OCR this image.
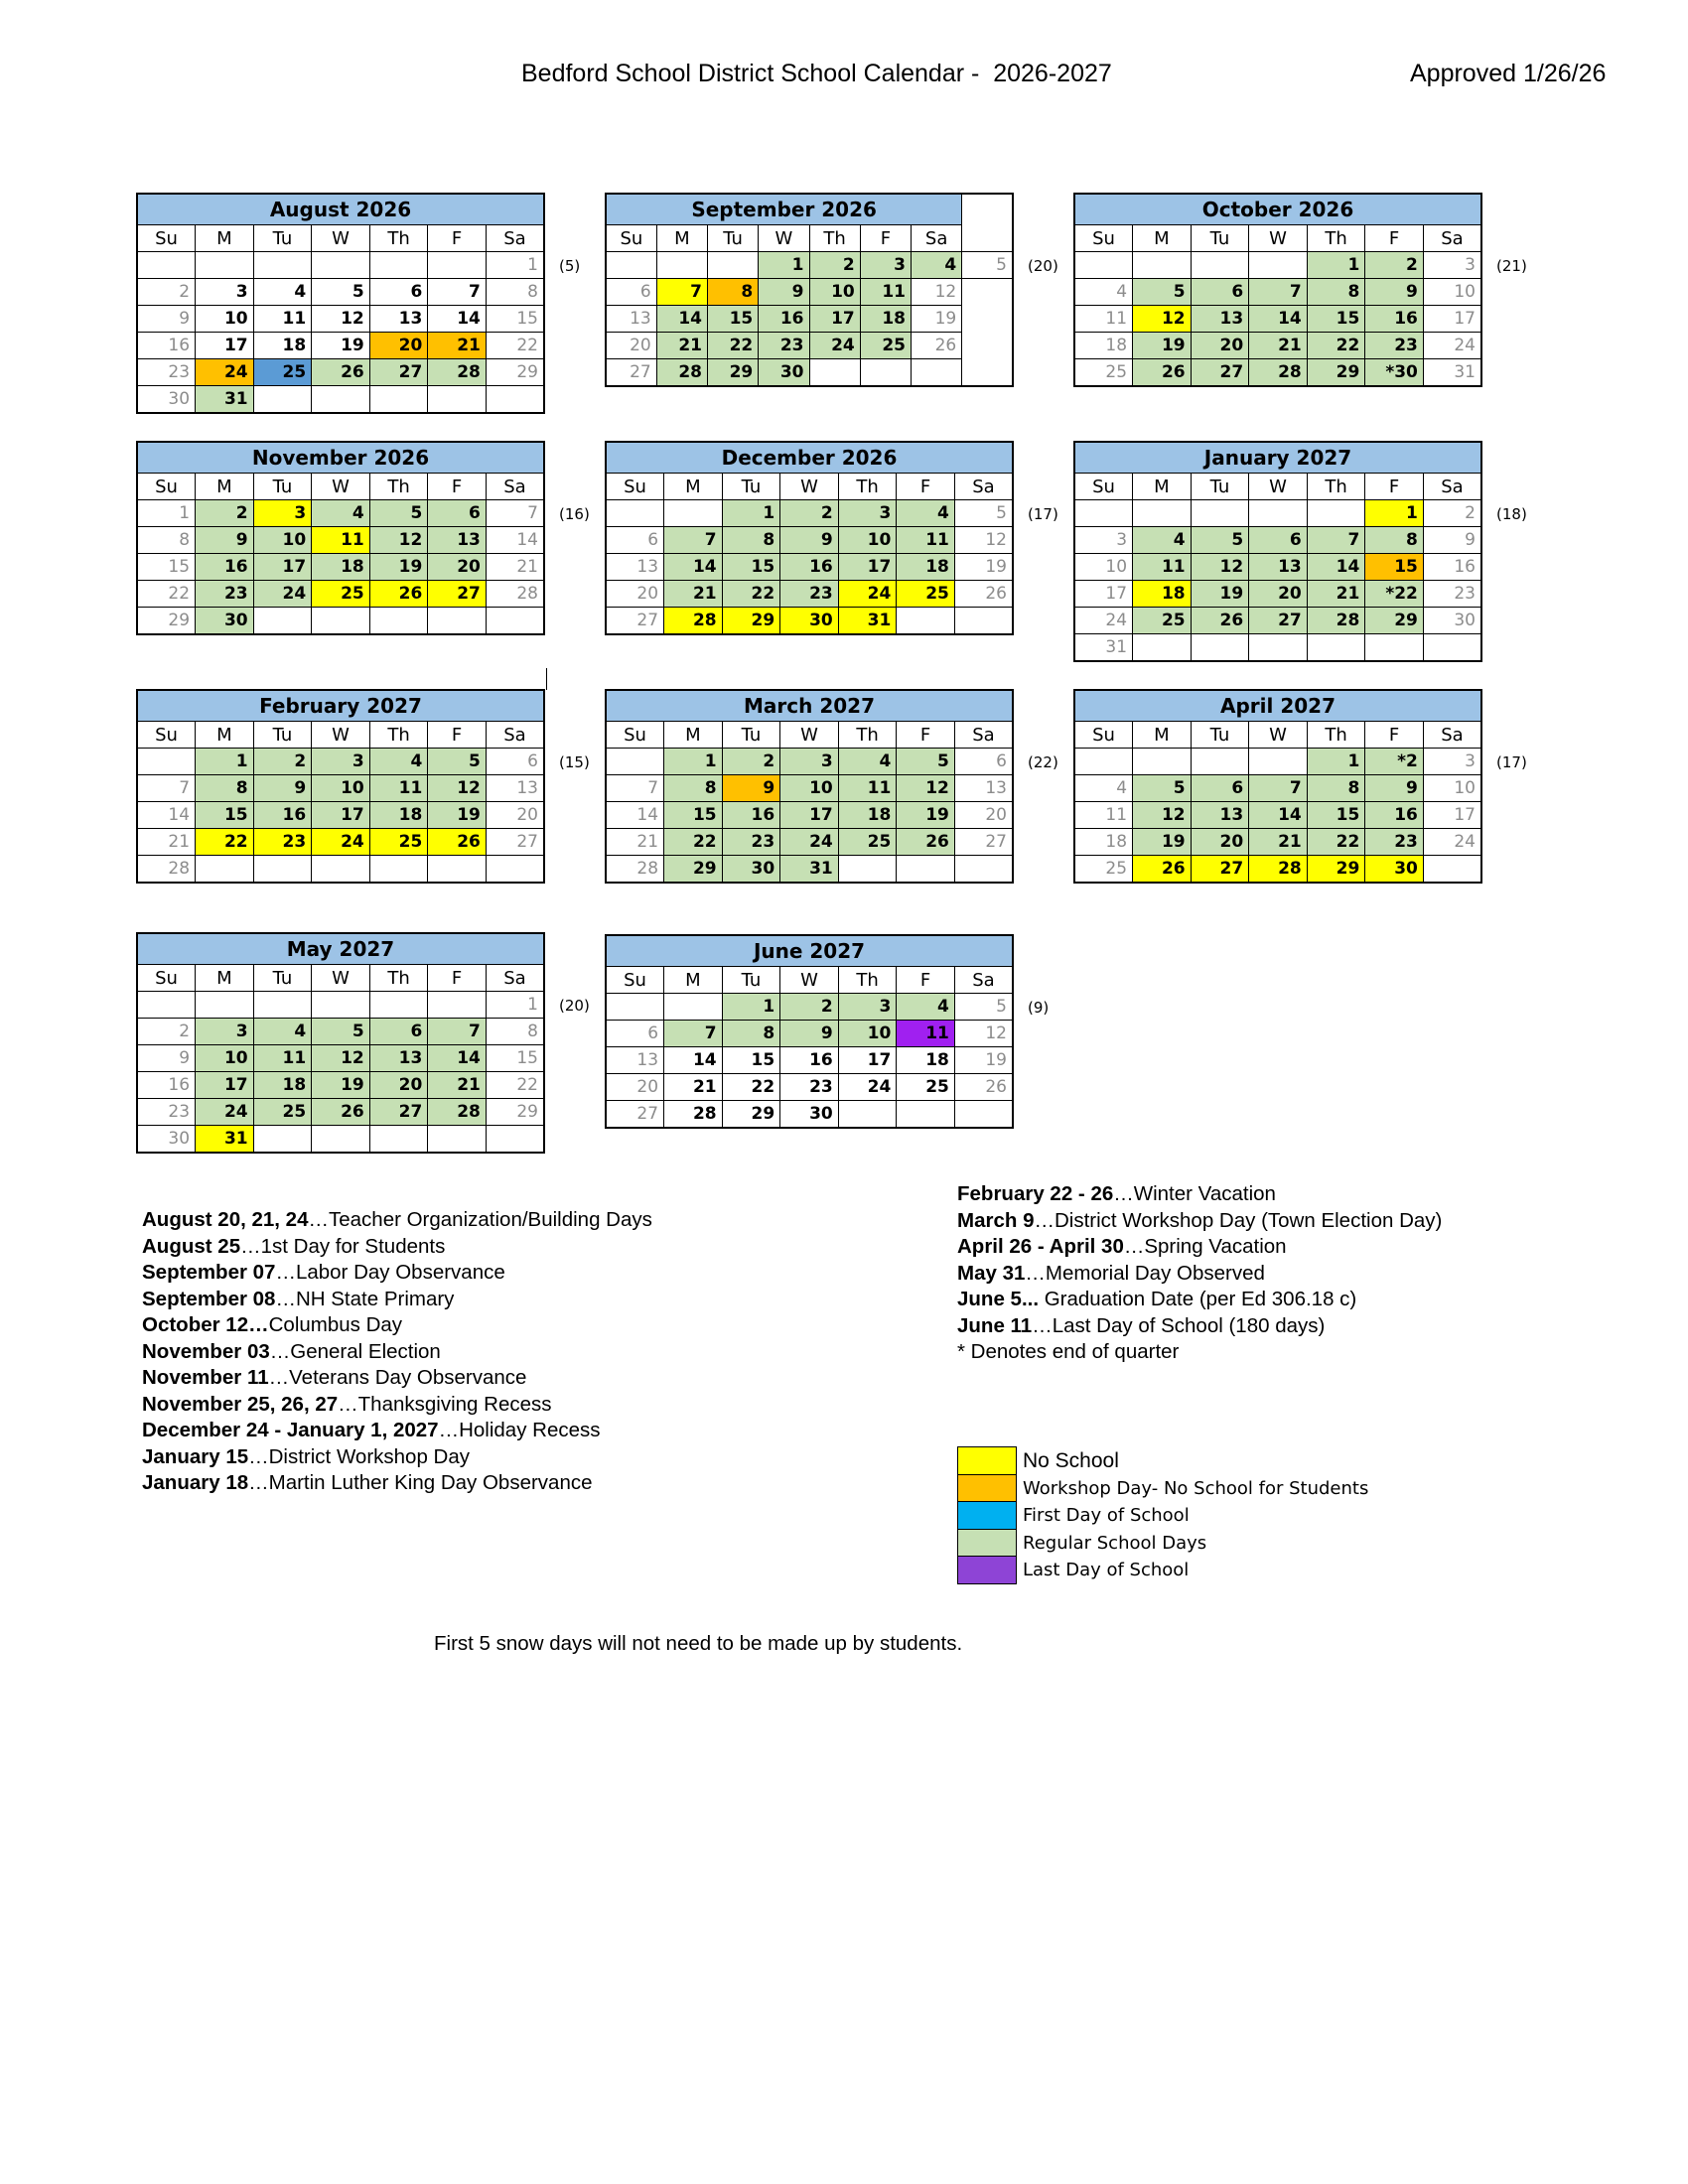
Bedford School District School Calendar -  2026-2027	Approved 1/26/26
August 2026						
Su	M	Tu	W	Th	F	Sa
						1
2	3	4	5	6	7	8
9	10	11	12	13	14	15
16	17	18	19	20	21	22
23	24	25	26	27	28	29
30	31					
(5)
September 2026							
Su	M	Tu	W	Th	F	Sa	
			1	2	3	4	5
6	7	8	9	10	11	12	
13	14	15	16	17	18	19	
20	21	22	23	24	25	26	
27	28	29	30				
(20)
October 2026						
Su	M	Tu	W	Th	F	Sa
				1	2	3
4	5	6	7	8	9	10
11	12	13	14	15	16	17
18	19	20	21	22	23	24
25	26	27	28	29	*30	31
(21)
November 2026						
Su	M	Tu	W	Th	F	Sa
1	2	3	4	5	6	7
8	9	10	11	12	13	14
15	16	17	18	19	20	21
22	23	24	25	26	27	28
29	30					
(16)
December 2026						
Su	M	Tu	W	Th	F	Sa
		1	2	3	4	5
6	7	8	9	10	11	12
13	14	15	16	17	18	19
20	21	22	23	24	25	26
27	28	29	30	31		
(17)
January 2027						
Su	M	Tu	W	Th	F	Sa
					1	2
3	4	5	6	7	8	9
10	11	12	13	14	15	16
17	18	19	20	21	*22	23
24	25	26	27	28	29	30
31						
(18)
February 2027						
Su	M	Tu	W	Th	F	Sa
	1	2	3	4	5	6
7	8	9	10	11	12	13
14	15	16	17	18	19	20
21	22	23	24	25	26	27
28						
(15)
March 2027						
Su	M	Tu	W	Th	F	Sa
	1	2	3	4	5	6
7	8	9	10	11	12	13
14	15	16	17	18	19	20
21	22	23	24	25	26	27
28	29	30	31			
(22)
April 2027						
Su	M	Tu	W	Th	F	Sa
				1	*2	3
4	5	6	7	8	9	10
11	12	13	14	15	16	17
18	19	20	21	22	23	24
25	26	27	28	29	30	
(17)
May 2027						
Su	M	Tu	W	Th	F	Sa
						1
2	3	4	5	6	7	8
9	10	11	12	13	14	15
16	17	18	19	20	21	22
23	24	25	26	27	28	29
30	31					
(20)
June 2027						
Su	M	Tu	W	Th	F	Sa
		1	2	3	4	5
6	7	8	9	10	11	12
13	14	15	16	17	18	19
20	21	22	23	24	25	26
27	28	29	30			
(9)
August 20, 21, 24…Teacher Organization/Building Days
August 25…1st Day for Students
September 07…Labor Day Observance
September 08…NH State Primary
October 12…Columbus Day
November 03…General Election
November 11…Veterans Day Observance
November 25, 26, 27…Thanksgiving Recess
December 24 - January 1, 2027…Holiday Recess
January 15…District Workshop Day
January 18…Martin Luther King Day Observance
February 22 - 26…Winter Vacation
March 9…District Workshop Day (Town Election Day)
April 26 - April 30…Spring Vacation
May 31…Memorial Day Observed
June 5... Graduation Date (per Ed 306.18 c)
June 11…Last Day of School (180 days)
* Denotes end of quarter
No School
Workshop Day- No School for Students
First Day of School
Regular School Days
Last Day of School
First 5 snow days will not need to be made up by students.
